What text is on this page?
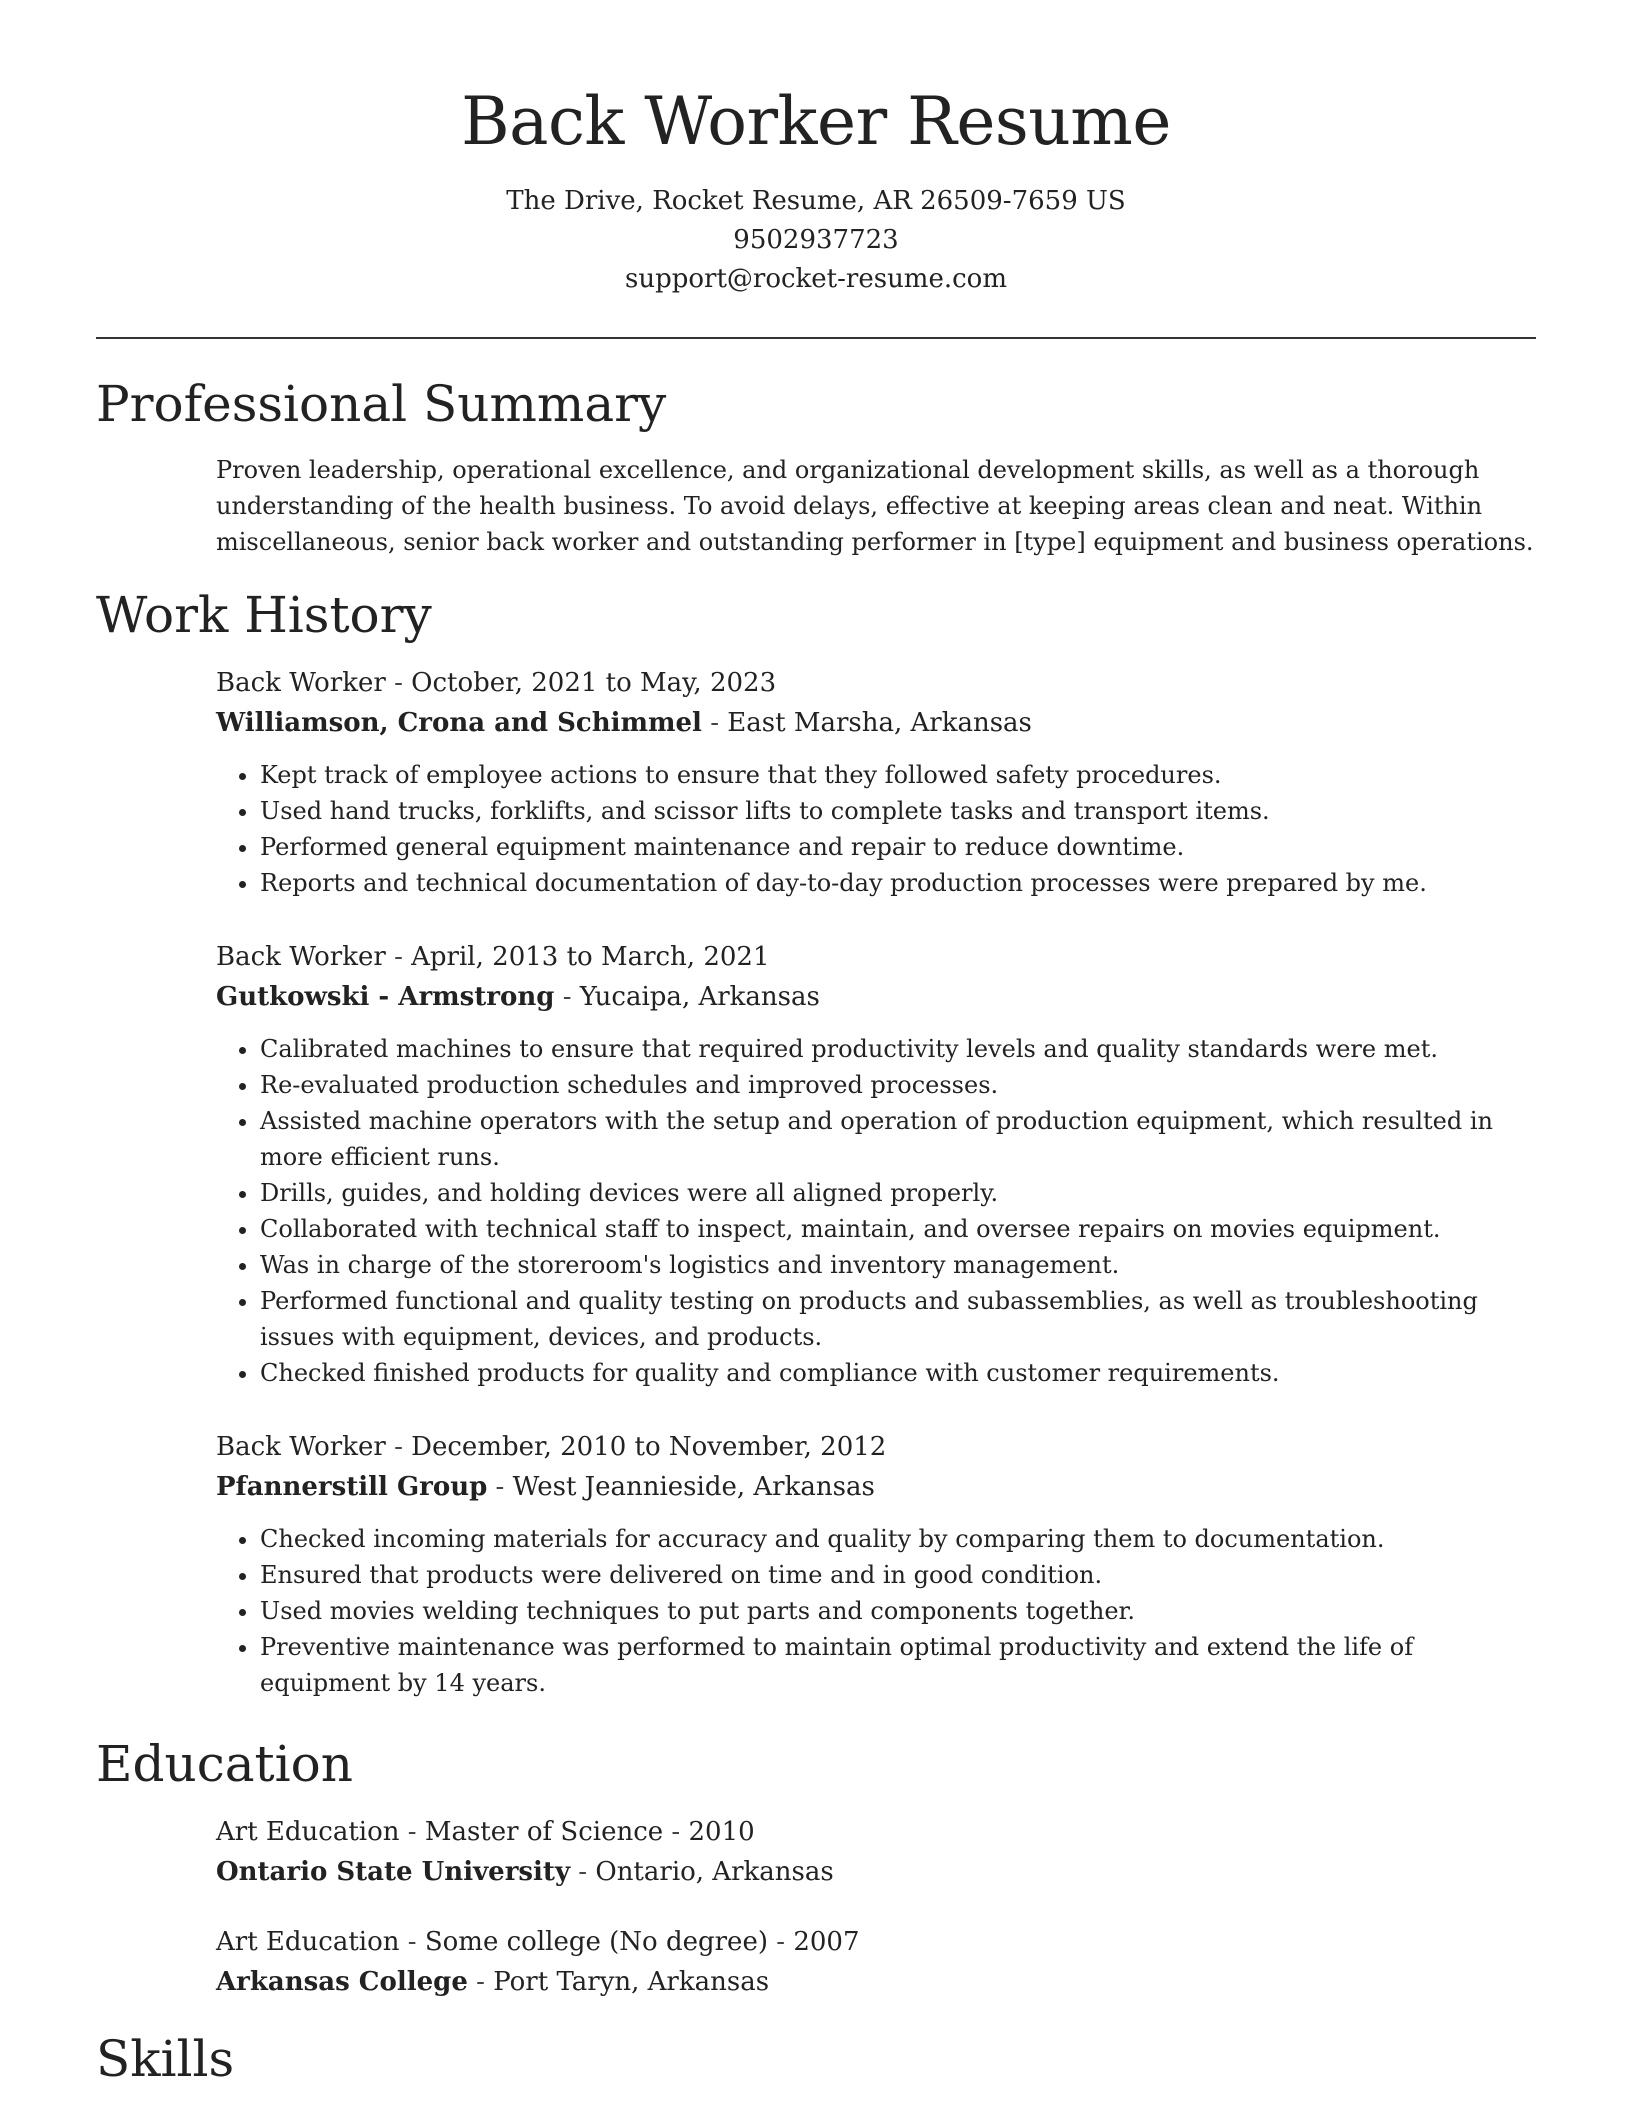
Back Worker Resume
The Drive, Rocket Resume, AR 26509-7659 US
9502937723
support@rocket-resume.com
Professional Summary

Proven leadership, operational excellence, and organizational development skills, as well as a thorough understanding of the health business. To avoid delays, effective at keeping areas clean and neat. Within miscellaneous, senior back worker and outstanding performer in [type] equipment and business operations.

Work History
Back Worker - October, 2021 to May, 2023
Williamson, Crona and Schimmel - East Marsha, Arkansas
• Kept track of employee actions to ensure that they followed safety procedures.
• Used hand trucks, forklifts, and scissor lifts to complete tasks and transport items.
• Performed general equipment maintenance and repair to reduce downtime.
• Reports and technical documentation of day-to-day production processes were prepared by me.
Back Worker - April, 2013 to March, 2021
Gutkowski - Armstrong - Yucaipa, Arkansas
• Calibrated machines to ensure that required productivity levels and quality standards were met.
• Re-evaluated production schedules and improved processes.
• Assisted machine operators with the setup and operation of production equipment, which resulted in more efficient runs.
• Drills, guides, and holding devices were all aligned properly.
• Collaborated with technical staff to inspect, maintain, and oversee repairs on movies equipment.
• Was in charge of the storeroom's logistics and inventory management.
• Performed functional and quality testing on products and subassemblies, as well as troubleshooting issues with equipment, devices, and products.
• Checked finished products for quality and compliance with customer requirements.
Back Worker - December, 2010 to November, 2012
Pfannerstill Group - West Jeannieside, Arkansas
• Checked incoming materials for accuracy and quality by comparing them to documentation.
• Ensured that products were delivered on time and in good condition.
• Used movies welding techniques to put parts and components together.
• Preventive maintenance was performed to maintain optimal productivity and extend the life of equipment by 14 years.
Education
Art Education - Master of Science - 2010
Ontario State University - Ontario, Arkansas
Art Education - Some college (No degree) - 2007
Arkansas College - Port Taryn, Arkansas
Skills
